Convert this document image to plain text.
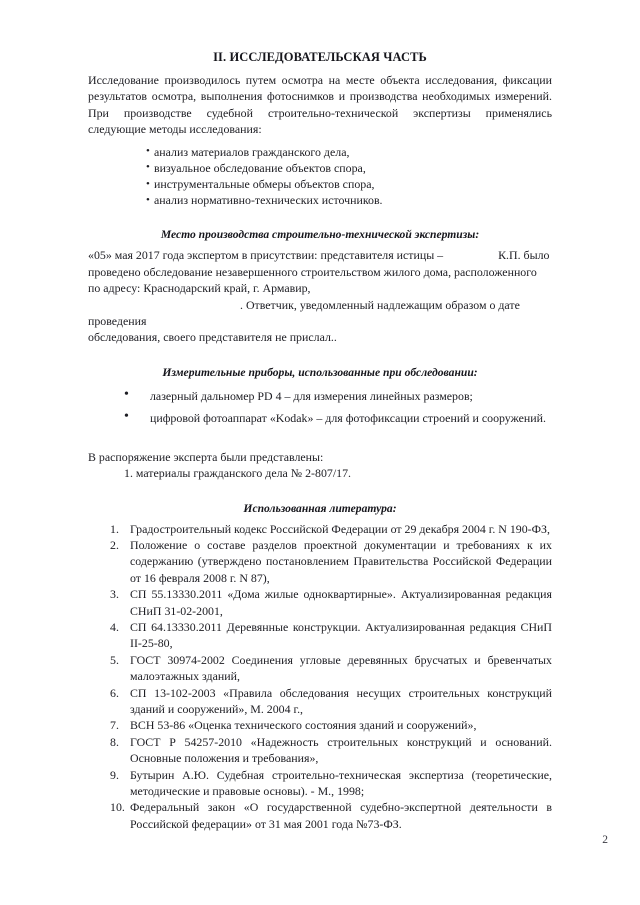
II. ИССЛЕДОВАТЕЛЬСКАЯ ЧАСТЬ

Исследование производилось путем осмотра на месте объекта исследования, фиксации результатов осмотра, выполнения фотоснимков и производства необходимых измерений. При производстве судебной строительно-технической экспертизы применялись следующие методы исследования:

• анализ материалов гражданского дела,
• визуальное обследование объектов спора,
• инструментальные обмеры объектов спора,
• анализ нормативно-технических источников.
Место производства строительно-технической экспертизы:

«05» мая 2017 года экспертом в присутствии: представителя истицы –	К.П. было

проведено обследование незавершенного строительством жилого дома, расположенного

по адресу: Краснодарский край, г. Армавир,

. Ответчик, уведомленный надлежащим образом о дате проведения

обследования, своего представителя не прислал..

Измерительные приборы, использованные при обследовании:
• лазерный дальномер PD 4 – для измерения линейных размеров;
• цифровой фотоаппарат «Kodak» – для фотофиксации строений и сооружений.

В распоряжение эксперта были представлены:

1. материалы гражданского дела № 2-807/17.

Использованная литература:
Градостроительный кодекс Российской Федерации от 29 декабря 2004 г. N 190-ФЗ,
Положение о составе разделов проектной документации и требованиях к их содержанию (утверждено постановлением Правительства Российской Федерации от 16 февраля 2008 г. N 87),
СП 55.13330.2011 «Дома жилые одноквартирные». Актуализированная редакция СНиП 31-02-2001,
СП 64.13330.2011 Деревянные конструкции. Актуализированная редакция СНиП II-25-80,
ГОСТ 30974-2002 Соединения угловые деревянных брусчатых и бревенчатых малоэтажных зданий,
СП 13-102-2003 «Правила обследования несущих строительных конструкций зданий и сооружений», М. 2004 г.,
ВСН 53-86 «Оценка технического состояния зданий и сооружений»,
ГОСТ Р 54257-2010 «Надежность строительных конструкций и оснований. Основные положения и требования»,
Бутырин А.Ю. Судебная строительно-техническая экспертиза (теоретические, методические и правовые основы). - М., 1998;
Федеральный закон «О государственной судебно-экспертной деятельности в Российской федерации» от 31 мая 2001 года №73-ФЗ.
2
